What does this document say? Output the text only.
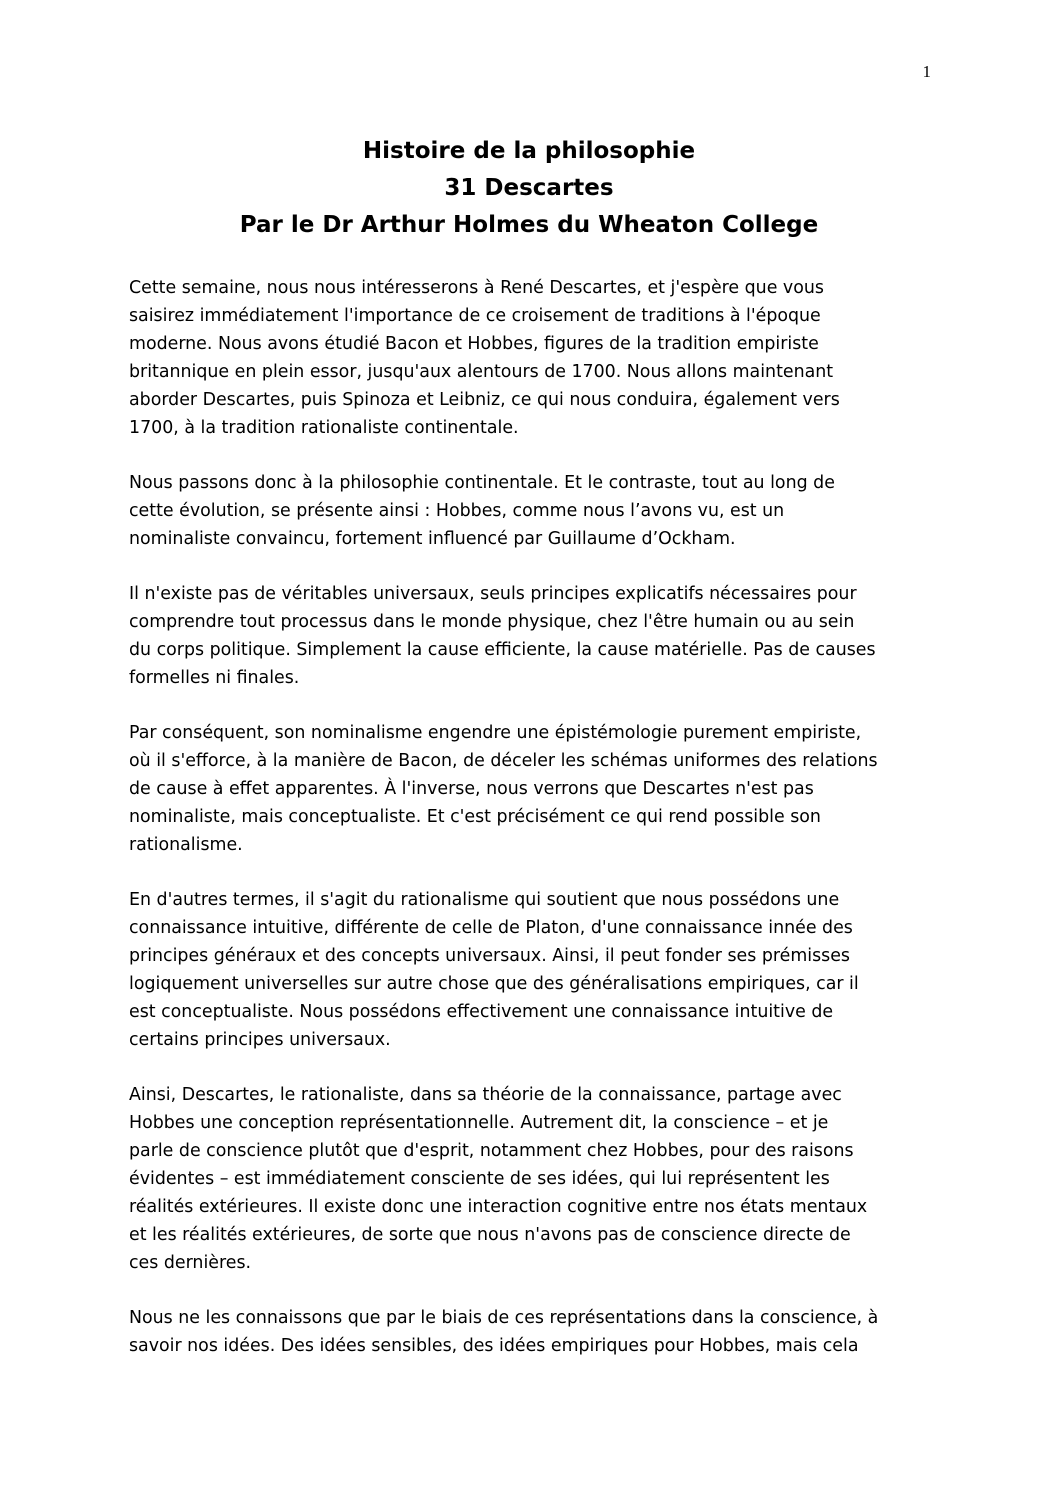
1
Histoire de la philosophie
31 Descartes
Par le Dr Arthur Holmes du Wheaton College
Cette semaine, nous nous intéresserons à René Descartes, et j'espère que vous
saisirez immédiatement l'importance de ce croisement de traditions à l'époque
moderne. Nous avons étudié Bacon et Hobbes, figures de la tradition empiriste
britannique en plein essor, jusqu'aux alentours de 1700. Nous allons maintenant
aborder Descartes, puis Spinoza et Leibniz, ce qui nous conduira, également vers
1700, à la tradition rationaliste continentale.
Nous passons donc à la philosophie continentale. Et le contraste, tout au long de
cette évolution, se présente ainsi : Hobbes, comme nous l’avons vu, est un
nominaliste convaincu, fortement influencé par Guillaume d’Ockham.
Il n'existe pas de véritables universaux, seuls principes explicatifs nécessaires pour
comprendre tout processus dans le monde physique, chez l'être humain ou au sein
du corps politique. Simplement la cause efficiente, la cause matérielle. Pas de causes
formelles ni finales.
Par conséquent, son nominalisme engendre une épistémologie purement empiriste,
où il s'efforce, à la manière de Bacon, de déceler les schémas uniformes des relations
de cause à effet apparentes. À l'inverse, nous verrons que Descartes n'est pas
nominaliste, mais conceptualiste. Et c'est précisément ce qui rend possible son
rationalisme.
En d'autres termes, il s'agit du rationalisme qui soutient que nous possédons une
connaissance intuitive, différente de celle de Platon, d'une connaissance innée des
principes généraux et des concepts universaux. Ainsi, il peut fonder ses prémisses
logiquement universelles sur autre chose que des généralisations empiriques, car il
est conceptualiste. Nous possédons effectivement une connaissance intuitive de
certains principes universaux.
Ainsi, Descartes, le rationaliste, dans sa théorie de la connaissance, partage avec
Hobbes une conception représentationnelle. Autrement dit, la conscience – et je
parle de conscience plutôt que d'esprit, notamment chez Hobbes, pour des raisons
évidentes – est immédiatement consciente de ses idées, qui lui représentent les
réalités extérieures. Il existe donc une interaction cognitive entre nos états mentaux
et les réalités extérieures, de sorte que nous n'avons pas de conscience directe de
ces dernières.
Nous ne les connaissons que par le biais de ces représentations dans la conscience, à
savoir nos idées. Des idées sensibles, des idées empiriques pour Hobbes, mais cela
